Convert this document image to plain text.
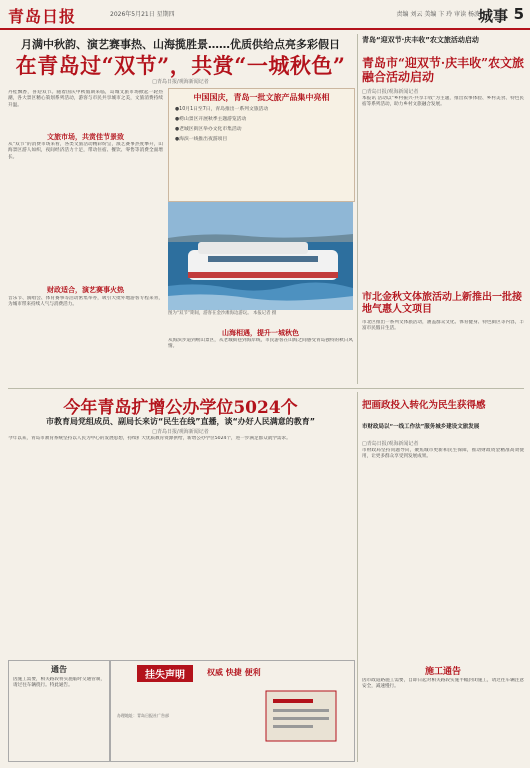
青岛日报	2026年5月21日 星期四	责编 刘云 美编 卞 玲 审读 杨波
城事 5
月满中秋韵、演艺赛事热、山海揽胜景……优质供给点亮多彩假日
在青岛过“双节”，共赏“一城秋色”
□青岛日报/观海新闻记者
丹桂飘香，喜迎双节。随着国庆中秋假期来临，岛城文旅市场掀起一轮热潮，各大景区精心策划系列活动，游客与市民共享城市之美，文旅消费持续升温。
文旅市场，共赏佳节景致
从“双节”的消费市场来看，各类文旅活动精彩纷呈，演艺赛事热度攀升，山海景区游人如织，夜间经济活力十足，带动住宿、餐饮、零售等消费全面增长。
财政适合，演艺赛事火热
音乐节、演唱会、体育赛事等活动密集举办，吸引大批外地游客专程来青，为城市带来持续人气与消费活力。
中国国庆，青岛一批文旅产品集中亮相
●10月1日至7日，青岛推出一系列文旅活动
●崂山景区开展秋季主题游览活动
●老城区街区举办文化市集活动
●海滨一线推出夜游项目
图为“双节”期间，游客在金沙滩海边游玩。 本报记者 摄
山海相遇，提升一城秋色
从海滨步道到崂山景区，从老城街巷到海岸线，市民游客在山海之间感受青岛独特的秋日风情。
青岛“迎双节·庆丰收”农文旅活动启动
青岛市“迎双节·庆丰收”农文旅融合活动启动
□青岛日报/观海新闻记者
本报讯 活动以“乡村振兴·共享丰收”为主题，推出农事体验、乡村美食、特色民宿等系列活动，助力乡村文旅融合发展。
市北金秋文体旅活动上新推出一批接地气惠人文项目
市北区推出一系列文体旅活动，涵盖群众文化、体育健身、特色街区等内容，丰富市民假日生活。
今年青岛扩增公办学位5024个
市教育局党组成员、副局长来访“民生在线”直播，谈“办好人民满意的教育”
□青岛日报/观海新闻记者
今年以来，青岛市教育系统坚持以人民为中心的发展思想，持续扩大优质教育资源供给，新增公办学位5024个，进一步满足群众就学需求。
通告
因施工需要，相关路段将实施临时交通管制，请过往车辆绕行。特此通告。
挂失声明	权威 快捷 便利
办理地址：青岛日报社广告部
把画政投入转化为民生获得感
市财政局以“一线工作法”服务城乡建设文旅发展
□青岛日报/观海新闻记者
市财政局坚持问题导向，聚焦城市更新和民生保障，推动财政资金精准高效使用，让更多群众享受到发展成果。
施工通告
因市政道路施工需要，自即日起对相关路段实施半幅封闭施工，请过往车辆注意安全，减速慢行。
